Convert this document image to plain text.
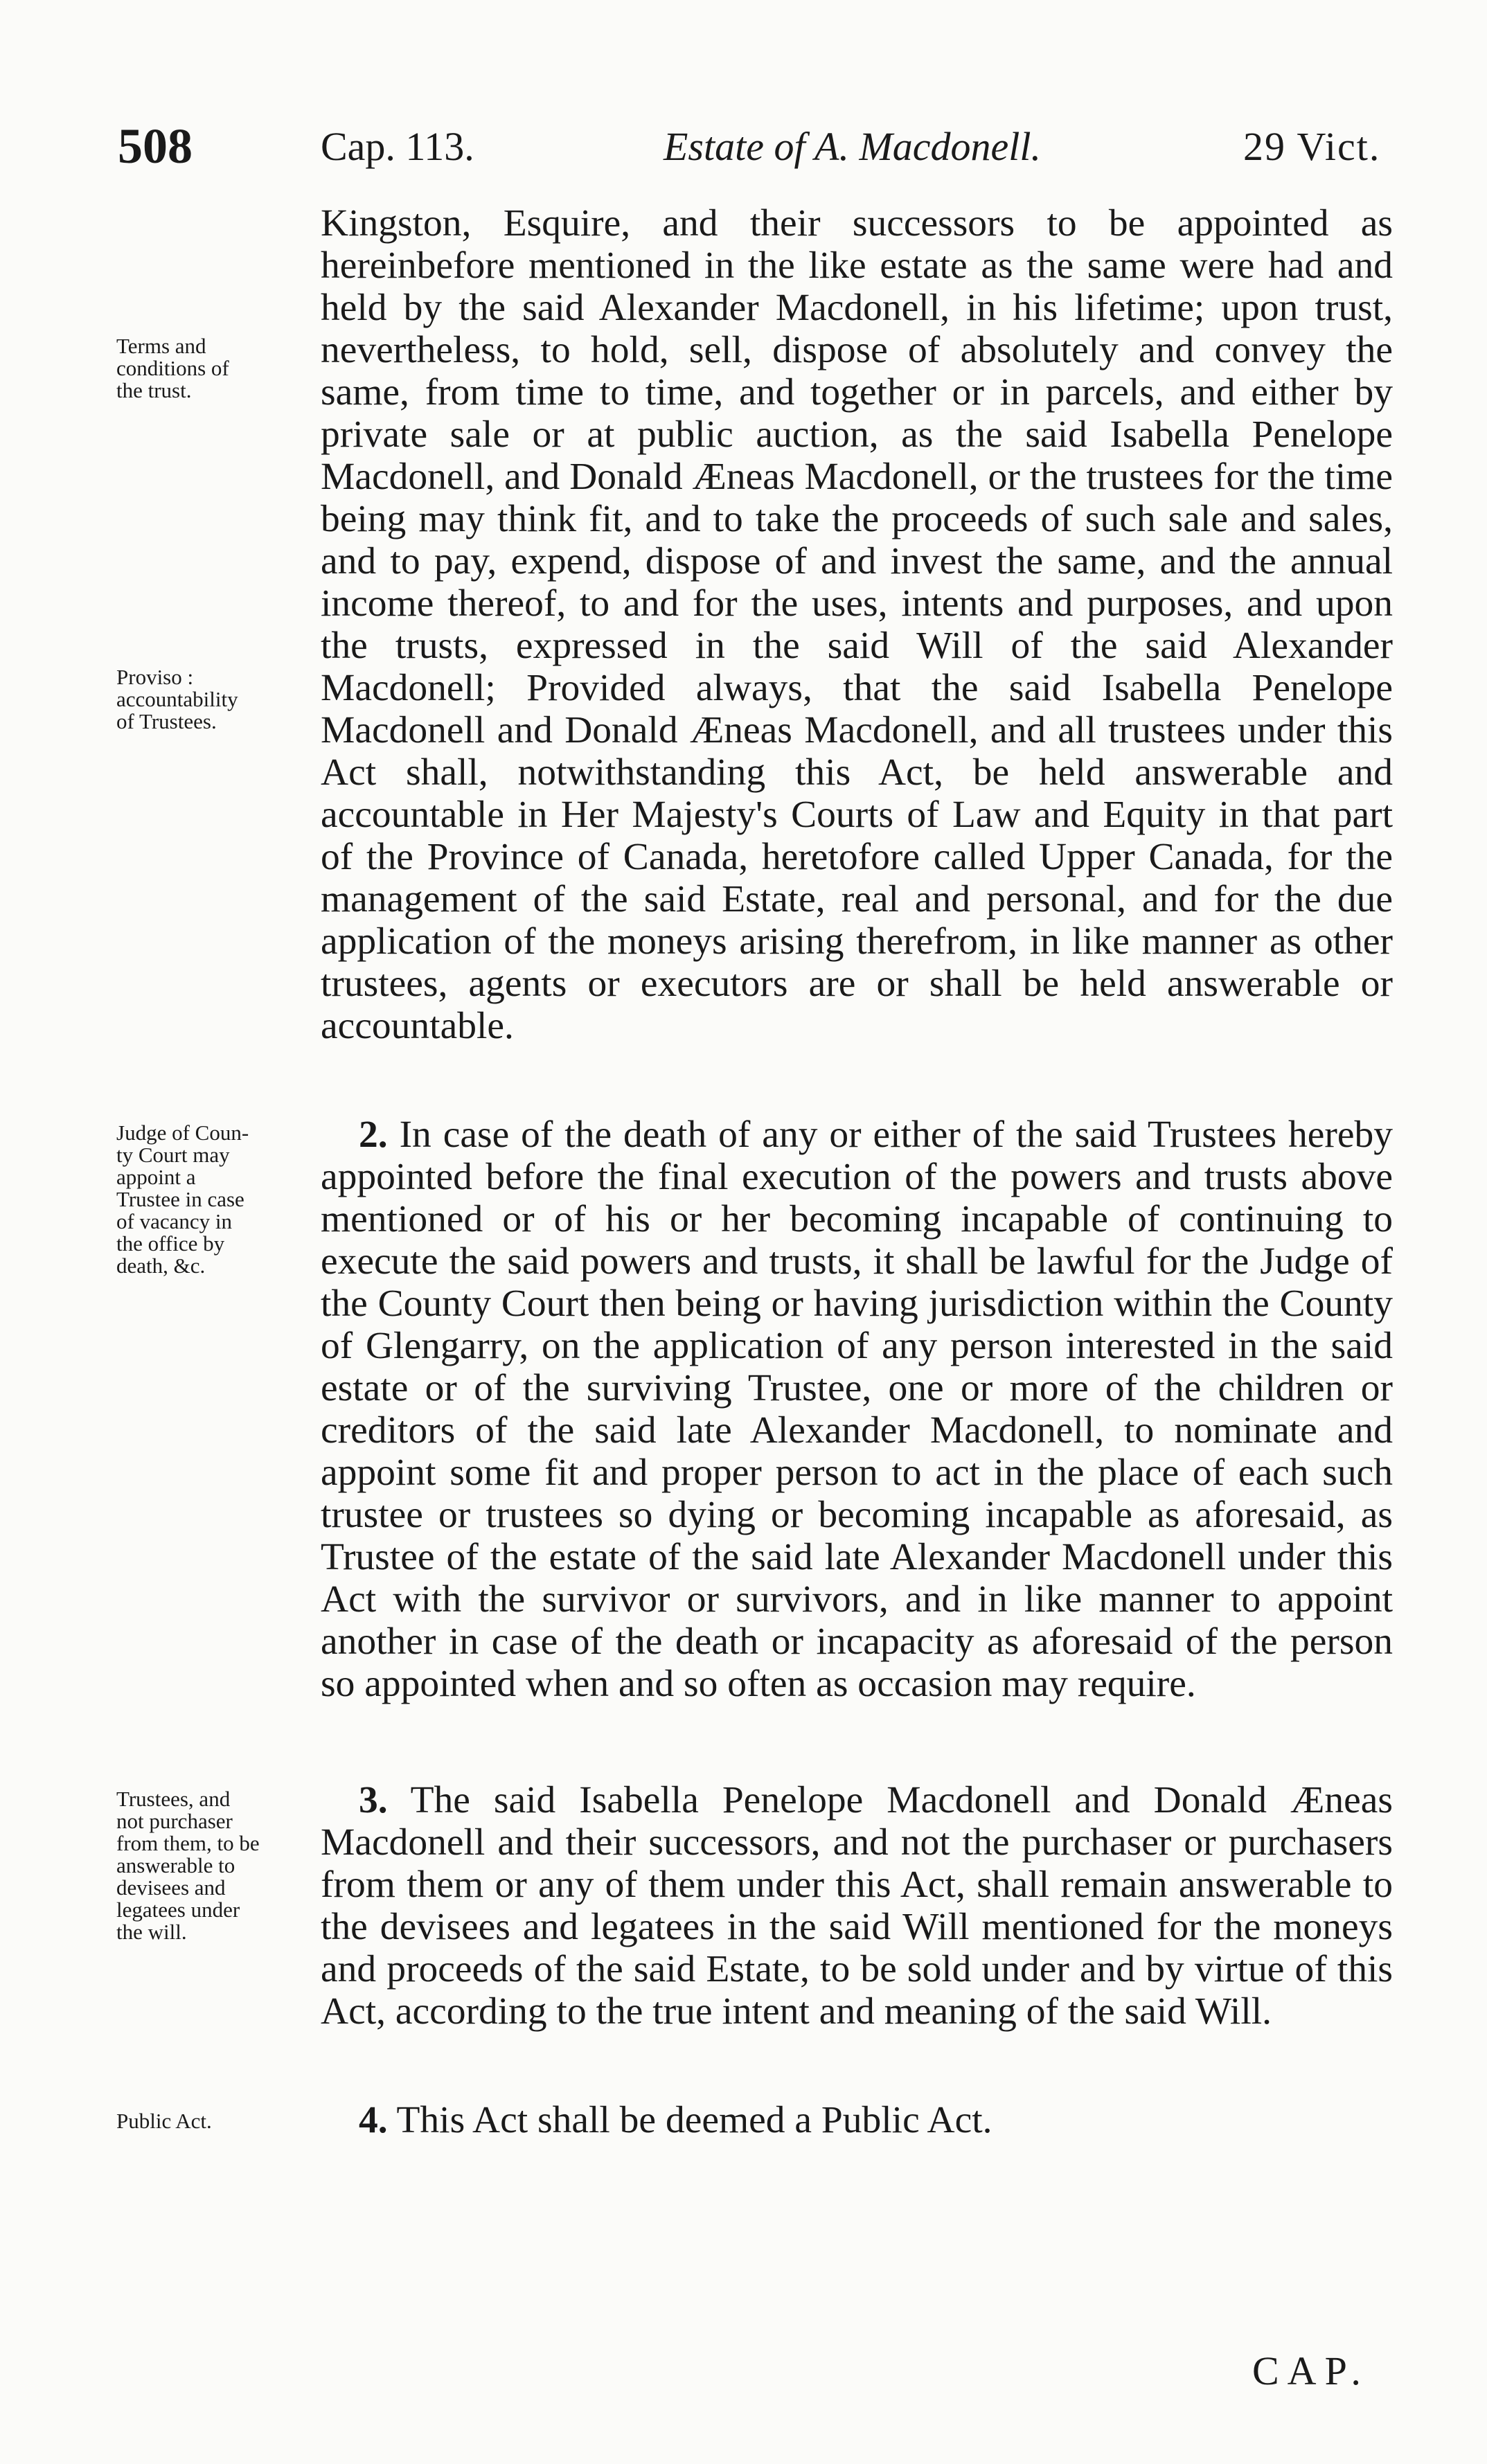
508	Cap. 113.	Estate of A. Macdonell.	29 Vict.

Kingston, Esquire, and their successors to be appointed as hereinbefore mentioned in the like estate as the same were had and held by the said Alexander Macdonell, in his lifetime; upon trust, nevertheless, to hold, sell, dispose of absolutely and convey the same, from time to time, and together or in parcels, and either by private sale or at public auction, as the said Isabella Penelope Macdonell, and Donald Æneas Macdonell, or the trustees for the time being may think fit, and to take the proceeds of such sale and sales, and to pay, expend, dispose of and invest the same, and the annual income thereof, to and for the uses, intents and purposes, and upon the trusts, expressed in the said Will of the said Alexander Macdonell; Provided always, that the said Isabella Penelope Macdonell and Donald Æneas Macdonell, and all trustees under this Act shall, notwithstanding this Act, be held answerable and accountable in Her Majesty's Courts of Law and Equity in that part of the Province of Canada, heretofore called Upper Canada, for the management of the said Estate, real and personal, and for the due application of the moneys arising therefrom, in like manner as other trustees, agents or executors are or shall be held answerable or accountable.

2. In case of the death of any or either of the said Trustees hereby appointed before the final execution of the powers and trusts above mentioned or of his or her becoming incapable of continuing to execute the said powers and trusts, it shall be lawful for the Judge of the County Court then being or having jurisdiction within the County of Glengarry, on the application of any person interested in the said estate or of the surviving Trustee, one or more of the children or creditors of the said late Alexander Macdonell, to nominate and appoint some fit and proper person to act in the place of each such trustee or trustees so dying or becoming incapable as aforesaid, as Trustee of the estate of the said late Alexander Macdonell under this Act with the survivor or survivors, and in like manner to appoint another in case of the death or incapacity as aforesaid of the person so appointed when and so often as occasion may require.

3. The said Isabella Penelope Macdonell and Donald Æneas Macdonell and their successors, and not the purchaser or purchasers from them or any of them under this Act, shall remain answerable to the devisees and legatees in the said Will mentioned for the moneys and proceeds of the said Estate, to be sold under and by virtue of this Act, according to the true intent and meaning of the said Will.

4. This Act shall be deemed a Public Act.

Terms and
conditions of
the trust.
Proviso :
accountability
of Trustees.
Judge of Coun-
ty Court may
appoint a
Trustee in case
of vacancy in
the office by
death, &c.
Trustees, and
not purchaser
from them, to be
answerable to
devisees and
legatees under
the will.
Public Act.
CAP.
